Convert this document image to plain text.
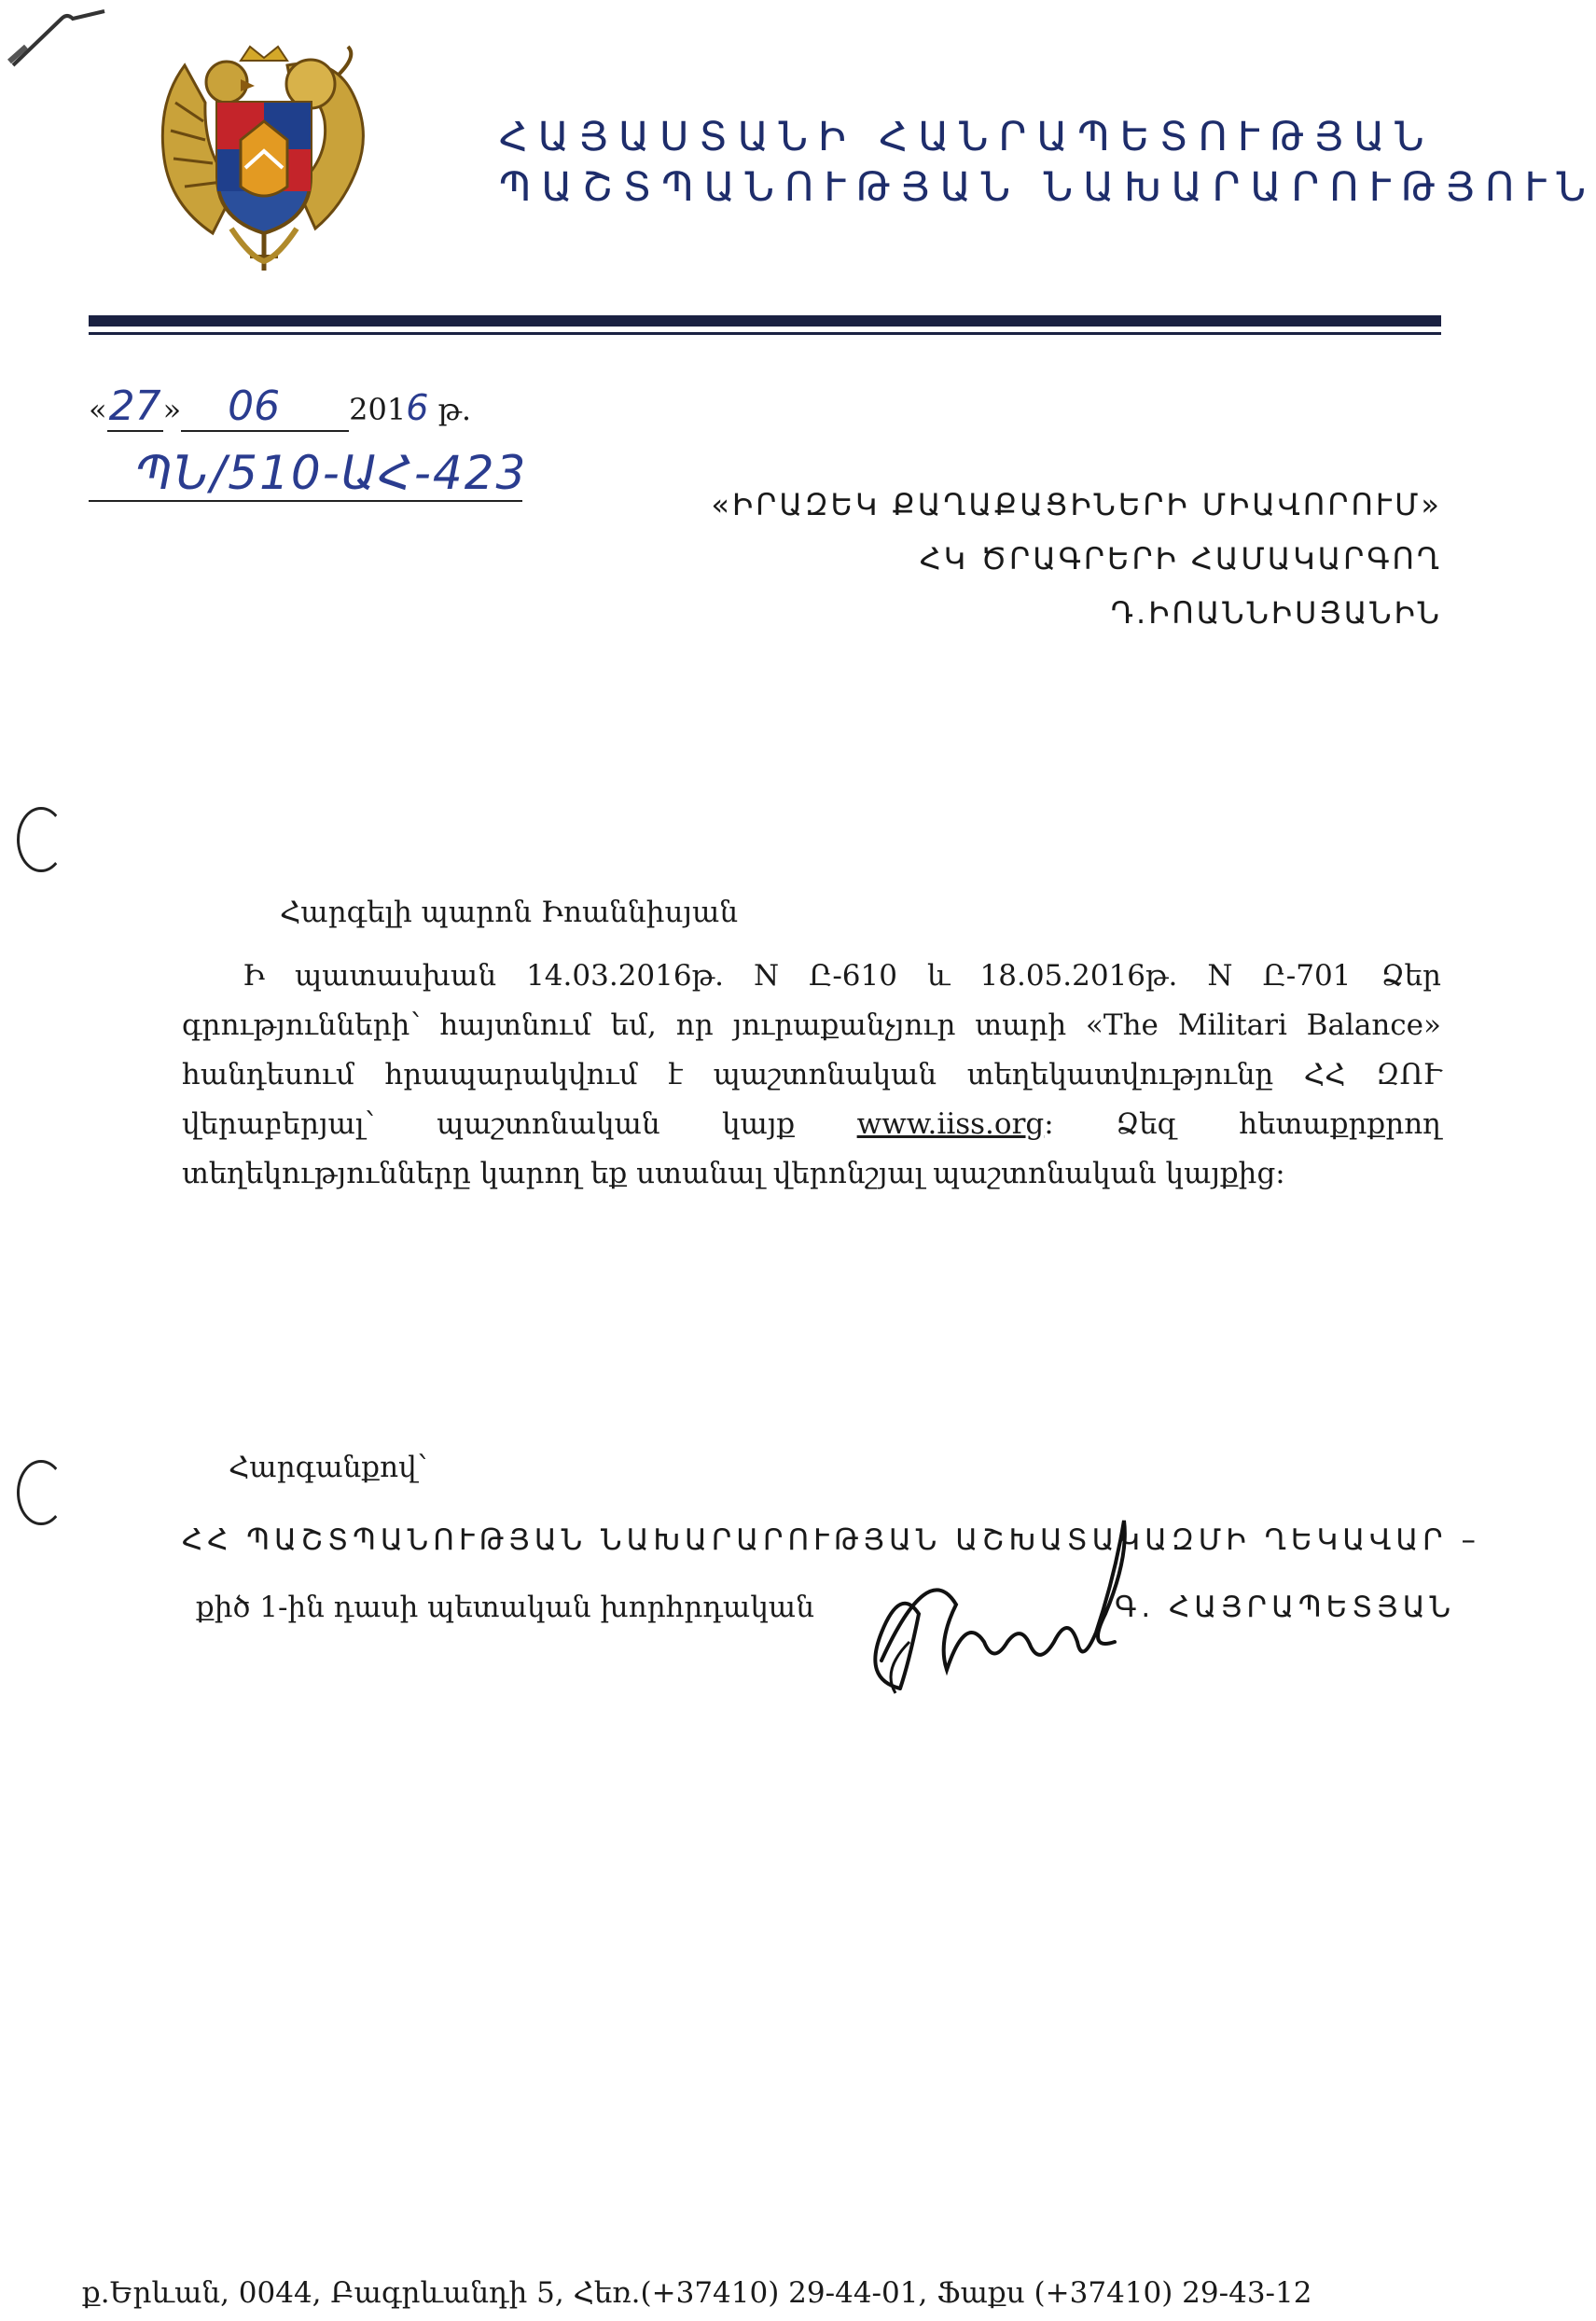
ՀԱՅԱՍՏԱՆԻ ՀԱՆՐԱՊԵՏՈՒԹՅԱՆ
ՊԱՇՏՊԱՆՈՒԹՅԱՆ ՆԱԽԱՐԱՐՈՒԹՅՈՒՆ
«27» 06 2016 թ.
ՊՆ/510-ԱՀ-423
«ԻՐԱԶԵԿ ՔԱՂԱՔԱՑԻՆԵՐԻ ՄԻԱՎՈՐՈՒՄ»
ՀԿ ԾՐԱԳՐԵՐԻ ՀԱՄԱԿԱՐԳՈՂ
Դ.ԻՈԱՆՆԻՍՅԱՆԻՆ
Հարգելի պարոն Իոաննիսյան
Ի պատասխան 14.03.2016թ. N Ը-610 և 18.05.2016թ. N Ը-701 Ձեր
գրությունների՝ հայտնում եմ, որ յուրաքանչյուր տարի «The Militari Balance»
հանդեսում հրապարակվում է պաշտոնական տեղեկատվությունը ՀՀ ԶՈՒ
վերաբերյալ՝ պաշտոնական կայք www.iiss.org: Ձեզ հետաքրքրող
տեղեկությունները կարող եք ստանալ վերոնշյալ պաշտոնական կայքից:
Հարգանքով՝
ՀՀ ՊԱՇՏՊԱՆՈՒԹՅԱՆ ՆԱԽԱՐԱՐՈՒԹՅԱՆ ԱՇԽԱՏԱԿԱԶՄԻ ՂԵԿԱՎԱՐ –
քիծ 1-ին դասի պետական խորհրդական	Գ. ՀԱՅՐԱՊԵՏՅԱՆ
ք.Երևան, 0044, Բագրևանդի 5, Հեռ.(+37410) 29-44-01, Ֆաքս (+37410) 29-43-12
